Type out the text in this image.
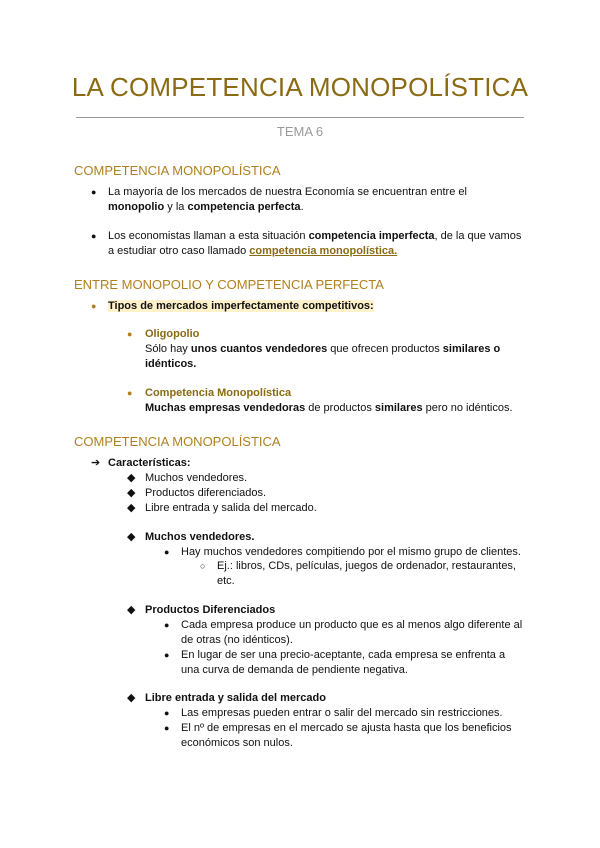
LA COMPETENCIA MONOPOLÍSTICA
TEMA 6
COMPETENCIA MONOPOLÍSTICA
● La mayoría de los mercados de nuestra Economía se encuentran entre el
monopolio y la competencia perfecta.
● Los economistas llaman a esta situación competencia imperfecta, de la que vamos
a estudiar otro caso llamado competencia monopolística.
ENTRE MONOPOLIO Y COMPETENCIA PERFECTA
● Tipos de mercados imperfectamente competitivos:
● Oligopolio
Sólo hay unos cuantos vendedores que ofrecen productos similares o
idénticos.
● Competencia Monopolística
Muchas empresas vendedoras de productos similares pero no idénticos.
COMPETENCIA MONOPOLÍSTICA
➔ Características:
◆ Muchos vendedores.
◆ Productos diferenciados.
◆ Libre entrada y salida del mercado.
◆ Muchos vendedores.
● Hay muchos vendedores compitiendo por el mismo grupo de clientes.
○ Ej.: libros, CDs, películas, juegos de ordenador, restaurantes,
etc.
◆ Productos Diferenciados
● Cada empresa produce un producto que es al menos algo diferente al
de otras (no idénticos).
● En lugar de ser una precio-aceptante, cada empresa se enfrenta a
una curva de demanda de pendiente negativa.
◆ Libre entrada y salida del mercado
● Las empresas pueden entrar o salir del mercado sin restricciones.
● El nº de empresas en el mercado se ajusta hasta que los beneficios
económicos son nulos.
